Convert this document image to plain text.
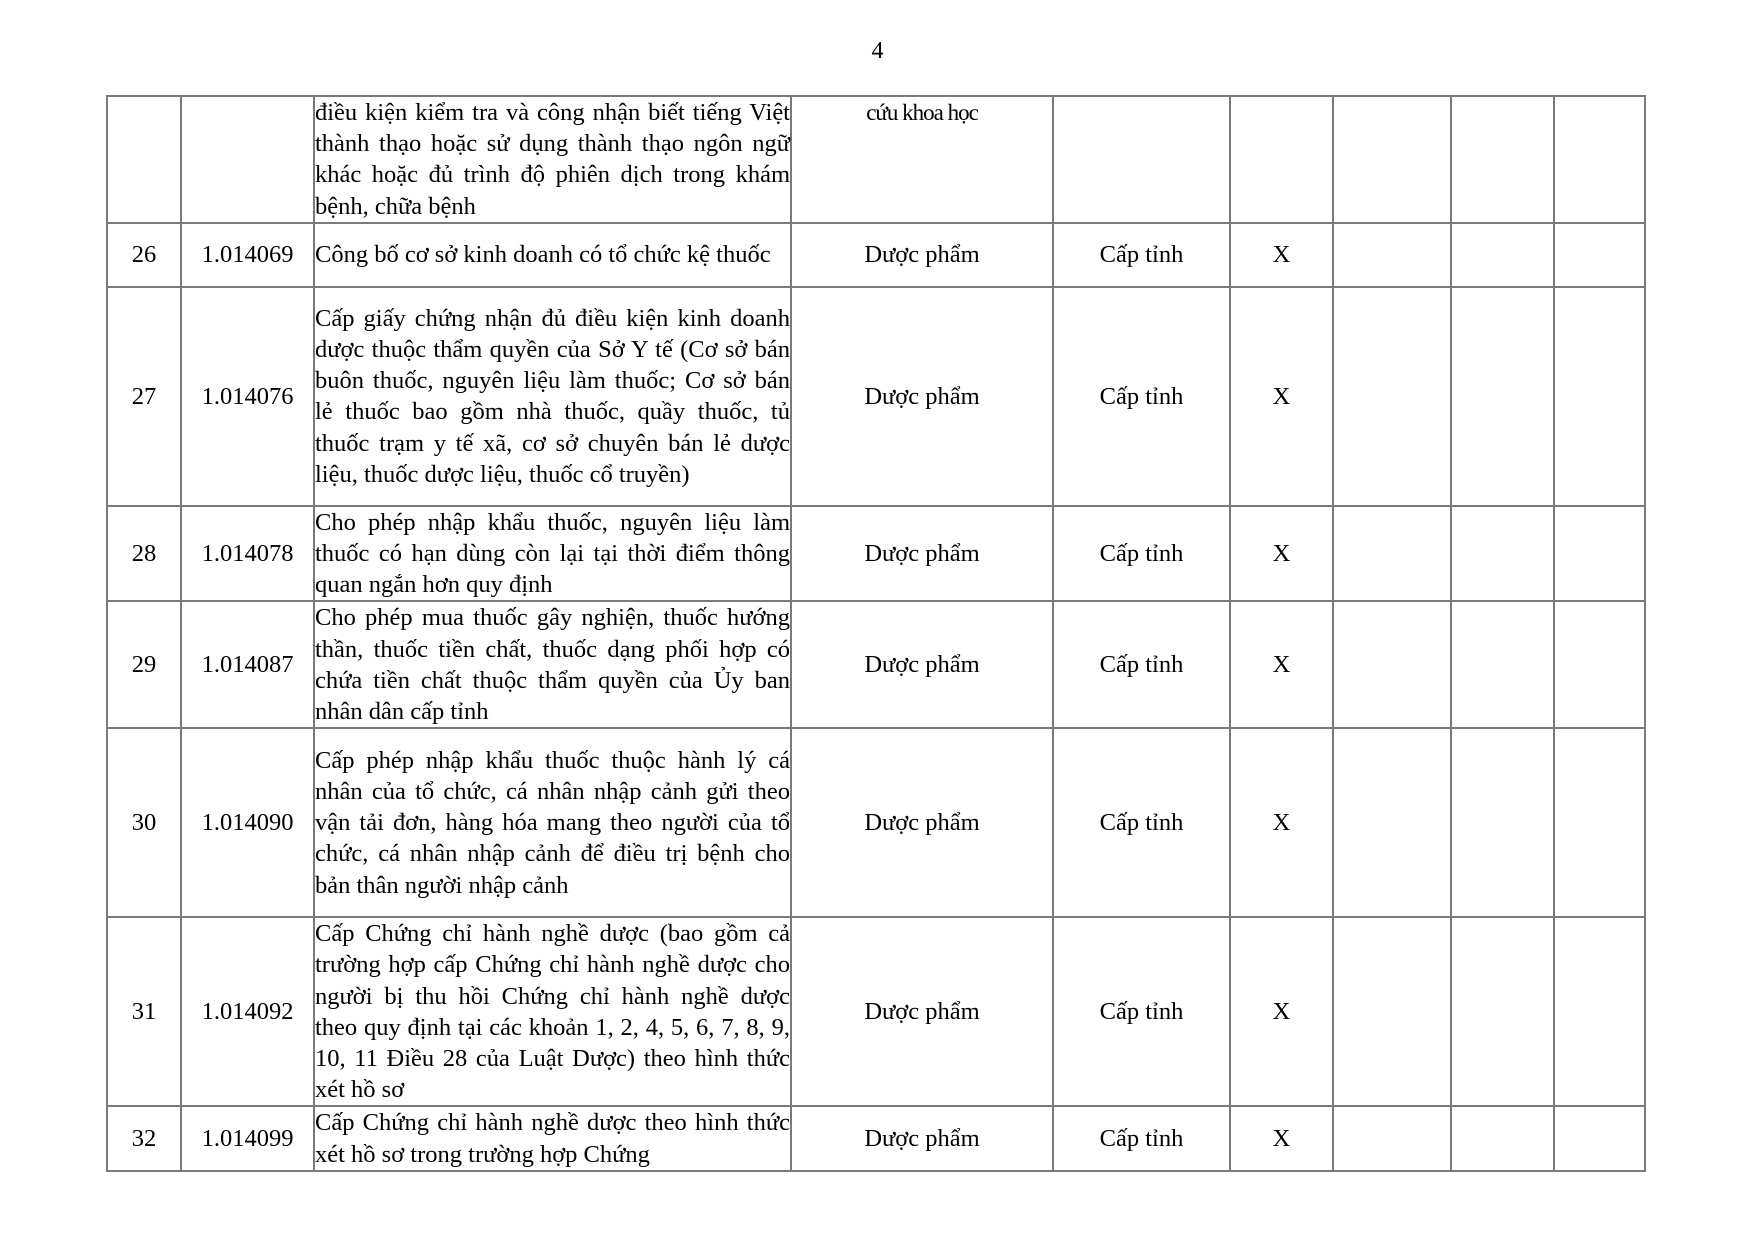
4
		điều kiện kiểm tra và công nhận biết tiếng Việt thành thạo hoặc sử dụng thành thạo ngôn ngữ khác hoặc đủ trình độ phiên dịch trong khám bệnh, chữa bệnh	cứu khoa học					
26	1.014069	Công bố cơ sở kinh doanh có tổ chức kệ thuốc	Dược phẩm	Cấp tỉnh	X			
27	1.014076	Cấp giấy chứng nhận đủ điều kiện kinh doanh dược thuộc thẩm quyền của Sở Y tế (Cơ sở bán buôn thuốc, nguyên liệu làm thuốc; Cơ sở bán lẻ thuốc bao gồm nhà thuốc, quầy thuốc, tủ thuốc trạm y tế xã, cơ sở chuyên bán lẻ dược liệu, thuốc dược liệu, thuốc cổ truyền)	Dược phẩm	Cấp tỉnh	X			
28	1.014078	Cho phép nhập khẩu thuốc, nguyên liệu làm thuốc có hạn dùng còn lại tại thời điểm thông quan ngắn hơn quy định	Dược phẩm	Cấp tỉnh	X			
29	1.014087	Cho phép mua thuốc gây nghiện, thuốc hướng thần, thuốc tiền chất, thuốc dạng phối hợp có chứa tiền chất thuộc thẩm quyền của Ủy ban nhân dân cấp tỉnh	Dược phẩm	Cấp tỉnh	X			
30	1.014090	Cấp phép nhập khẩu thuốc thuộc hành lý cá nhân của tổ chức, cá nhân nhập cảnh gửi theo vận tải đơn, hàng hóa mang theo người của tổ chức, cá nhân nhập cảnh để điều trị bệnh cho bản thân người nhập cảnh	Dược phẩm	Cấp tỉnh	X			
31	1.014092	Cấp Chứng chỉ hành nghề dược (bao gồm cả trường hợp cấp Chứng chỉ hành nghề dược cho người bị thu hồi Chứng chỉ hành nghề dược theo quy định tại các khoản 1, 2, 4, 5, 6, 7, 8, 9, 10, 11 Điều 28 của Luật Dược) theo hình thức xét hồ sơ	Dược phẩm	Cấp tỉnh	X			
32	1.014099	Cấp Chứng chỉ hành nghề dược theo hình thức xét hồ sơ trong trường hợp Chứng	Dược phẩm	Cấp tỉnh	X			
